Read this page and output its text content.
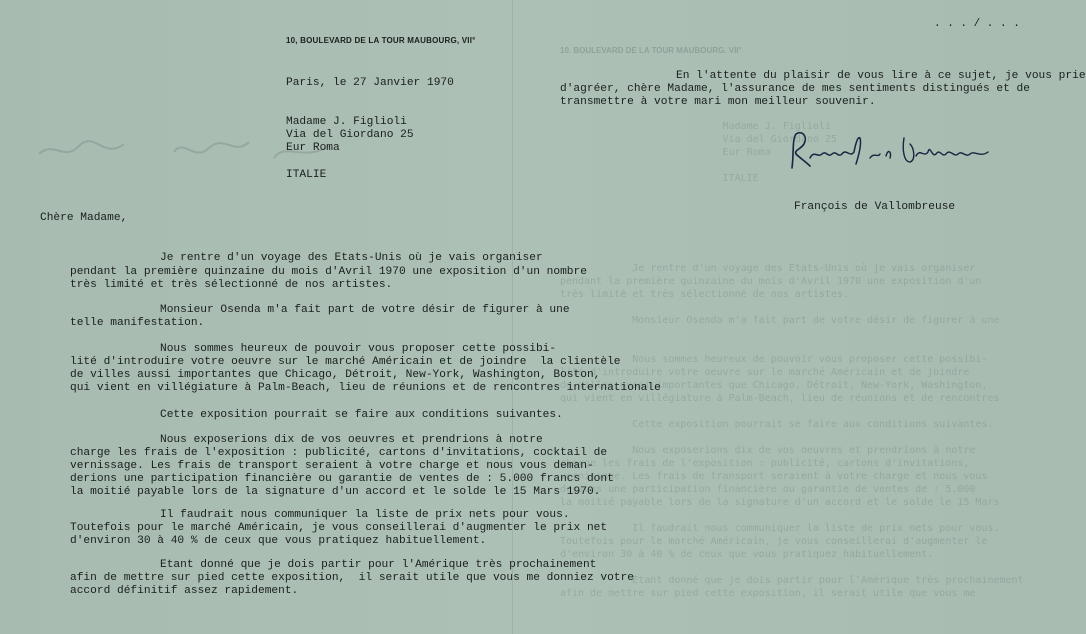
10. BOULEVARD DE LA TOUR MAUBOURG. VII°
Madame J. Figlioli
Via del Giordano 25
Eur Roma

ITALIE
Je rentre d'un voyage des Etats-Unis où je vais organiser
pendant la première quinzaine du mois d'Avril 1970 une exposition d'un
très limité et très sélectionné de nos artistes.

Monsieur Osenda m'a fait part de votre désir de figurer à une

Nous sommes heureux de pouvoir vous proposer cette possibi-
lité d'introduire votre oeuvre sur le marché Américain et de joindre
de villes aussi importantes que Chicago, Détroit, New-York, Washington,
qui vient en villégiature à Palm-Beach, lieu de réunions et de rencontres

Cette exposition pourrait se faire aux conditions suivantes.

Nous exposerions dix de vos oeuvres et prendrions à notre
charge les frais de l'exposition : publicité, cartons d'invitations,
vernissage. Les frais de transport seraient à votre charge et nous vous
derions une participation financière ou garantie de ventes de : 5.000
la moitié payable lors de la signature d'un accord et le solde le 15 Mars

Il faudrait nous communiquer la liste de prix nets pour vous.
Toutefois pour le marché Américain, je vous conseillerai d'augmenter le
d'environ 30 à 40 % de ceux que vous pratiquez habituellement.

Etant donné que je dois partir pour l'Amérique très prochainement
afin de mettre sur pied cette exposition, il serait utile que vous me
10, BOULEVARD DE LA TOUR MAUBOURG, VII°
. . . / . . .
Paris, le 27 Janvier 1970
Madame J. Figlioli
Via del Giordano 25
Eur Roma
ITALIE
Chère Madame,
Je rentre d'un voyage des Etats-Unis où je vais organiser
pendant la première quinzaine du mois d'Avril 1970 une exposition d'un nombre
très limité et très sélectionné de nos artistes.
Monsieur Osenda m'a fait part de votre désir de figurer à une
telle manifestation.
Nous sommes heureux de pouvoir vous proposer cette possibi-
lité d'introduire votre oeuvre sur le marché Américain et de joindre  la clientèle
de villes aussi importantes que Chicago, Détroit, New-York, Washington, Boston,
qui vient en villégiature à Palm-Beach, lieu de réunions et de rencontres internationale
Cette exposition pourrait se faire aux conditions suivantes.
Nous exposerions dix de vos oeuvres et prendrions à notre
charge les frais de l'exposition : publicité, cartons d'invitations, cocktail de
vernissage. Les frais de transport seraient à votre charge et nous vous deman-
derions une participation financière ou garantie de ventes de : 5.000 francs dont
la moitié payable lors de la signature d'un accord et le solde le 15 Mars 1970.
Il faudrait nous communiquer la liste de prix nets pour vous.
Toutefois pour le marché Américain, je vous conseillerai d'augmenter le prix net
d'environ 30 à 40 % de ceux que vous pratiquez habituellement.
Etant donné que je dois partir pour l'Amérique très prochainement
afin de mettre sur pied cette exposition,  il serait utile que vous me donniez votre
accord définitif assez rapidement.
En l'attente du plaisir de vous lire à ce sujet, je vous prie
d'agréer, chère Madame, l'assurance de mes sentiments distingués et de
transmettre à votre mari mon meilleur souvenir.
François de Vallombreuse
